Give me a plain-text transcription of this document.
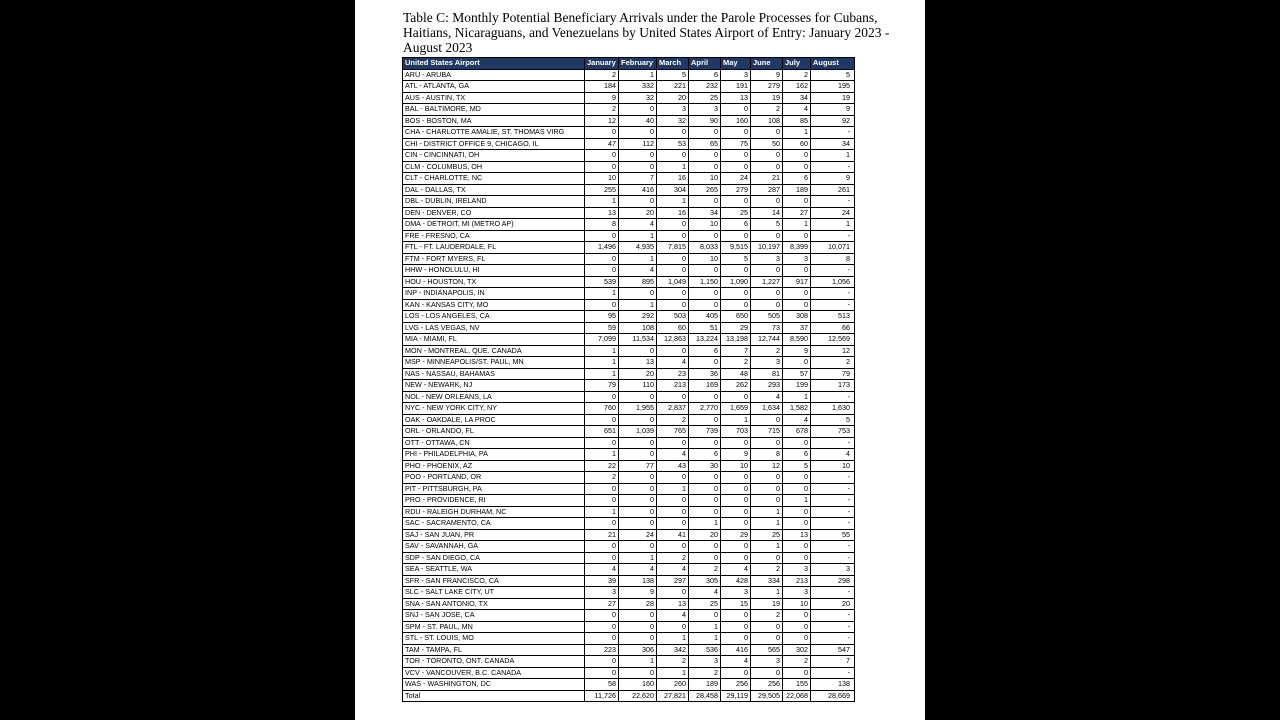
Table C: Monthly Potential Beneficiary Arrivals under the Parole Processes for Cubans, Haitians, Nicaraguans, and Venezuelans by United States Airport of Entry: January 2023 - August 2023
United States Airport	January	February	March	April	May	June	July	August
ARU - ARUBA	2	1	5	6	3	9	2	5
ATL - ATLANTA, GA	184	332	221	232	191	279	162	195
AUS - AUSTIN, TX	9	32	20	25	13	19	34	19
BAL - BALTIMORE, MD	2	0	3	3	0	2	4	9
BOS - BOSTON, MA	12	40	32	90	160	108	85	92
CHA - CHARLOTTE AMALIE, ST. THOMAS VIRG	0	0	0	0	0	0	1	-
CHI - DISTRICT OFFICE 9, CHICAGO, IL	47	112	53	65	75	50	60	34
CIN - CINCINNATI, OH	0	0	0	0	0	0	0	1
CLM - COLUMBUS, OH	0	0	1	0	0	0	0	-
CLT - CHARLOTTE, NC	10	7	16	10	24	21	6	9
DAL - DALLAS, TX	255	416	304	265	279	287	189	261
DBL - DUBLIN, IRELAND	1	0	1	0	0	0	0	-
DEN - DENVER, CO	13	20	16	34	25	14	27	24
DMA - DETROIT, MI (METRO AP)	8	4	0	10	6	5	1	1
FRE - FRESNO, CA	0	1	0	0	0	0	0	-
FTL - FT. LAUDERDALE, FL	1,496	4,935	7,815	8,033	9,515	10,197	8,399	10,071
FTM - FORT MYERS, FL	0	1	0	10	5	3	3	8
HHW - HONOLULU, HI	0	4	0	0	0	0	0	-
HOU - HOUSTON, TX	539	895	1,049	1,150	1,090	1,227	917	1,056
INP - INDIANAPOLIS, IN	1	0	0	0	0	0	0	-
KAN - KANSAS CITY, MO	0	1	0	0	0	0	0	-
LOS - LOS ANGELES, CA	95	292	503	405	650	505	308	513
LVG - LAS VEGAS, NV	59	108	60	51	29	73	37	66
MIA - MIAMI, FL	7,099	11,534	12,863	13,224	13,198	12,744	8,590	12,569
MON - MONTREAL, QUE. CANADA	1	0	0	6	7	2	9	12
MSP - MINNEAPOLIS/ST. PAUL, MN	1	13	4	0	2	3	0	2
NAS - NASSAU, BAHAMAS	1	20	23	36	48	81	57	79
NEW - NEWARK, NJ	79	110	213	169	262	293	199	173
NOL - NEW ORLEANS, LA	0	0	0	0	0	4	1	-
NYC - NEW YORK CITY, NY	760	1,955	2,837	2,770	1,659	1,634	1,582	1,630
OAK - OAKDALE, LA PROC	0	0	2	0	1	0	4	5
ORL - ORLANDO, FL	651	1,039	765	739	703	715	678	753
OTT - OTTAWA, CN	0	0	0	0	0	0	0	-
PHI - PHILADELPHIA, PA	1	0	4	6	9	8	6	4
PHO - PHOENIX, AZ	22	77	43	30	10	12	5	10
POO - PORTLAND, OR	2	0	0	0	0	0	0	-
PIT - PITTSBURGH, PA	0	0	1	0	0	0	0	-
PRO - PROVIDENCE, RI	0	0	0	0	0	0	1	-
RDU - RALEIGH DURHAM, NC	1	0	0	0	0	1	0	-
SAC - SACRAMENTO, CA	0	0	0	1	0	1	0	-
SAJ - SAN JUAN, PR	21	24	41	20	29	25	13	55
SAV - SAVANNAH, GA	0	0	0	0	0	1	0	-
SDP - SAN DIEGO, CA	0	1	2	0	0	0	0	-
SEA - SEATTLE, WA	4	4	4	2	4	2	3	3
SFR - SAN FRANCISCO, CA	39	138	297	305	428	334	213	298
SLC - SALT LAKE CITY, UT	3	9	0	4	3	1	3	-
SNA - SAN ANTONIO, TX	27	28	13	25	15	19	10	20
SNJ - SAN JOSE, CA	0	0	4	0	0	2	0	-
SPM - ST. PAUL, MN	0	0	0	1	0	0	0	-
STL - ST. LOUIS, MO	0	0	1	1	0	0	0	-
TAM - TAMPA, FL	223	306	342	536	416	565	302	547
TOR - TORONTO, ONT. CANADA	0	1	2	3	4	3	2	7
VCV - VANCOUVER, B.C. CANADA	0	0	1	2	0	0	0	-
WAS - WASHINGTON, DC	58	160	260	189	256	256	155	138
Total	11,726	22,620	27,821	28,458	29,119	29,505	22,068	28,669
